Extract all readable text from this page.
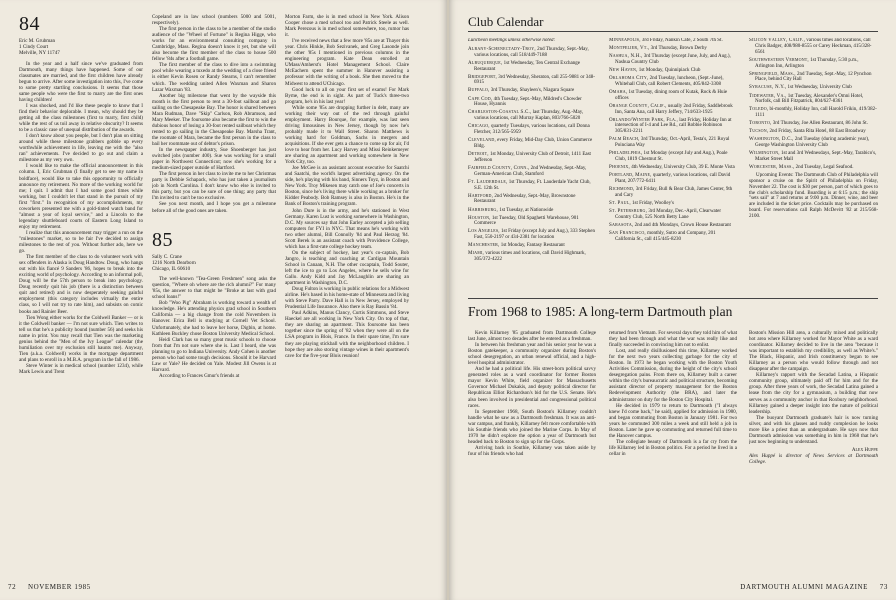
84

Eric M. Grubman
1 Cindy Court
Melville, NY 11747

In the year and a half since we've graduated from Dartmouth, many things have happened. Some of our classmates are married, and the first children have already begun to arrive. After some investigation into this, I've come to some pretty startling conclusions. It seems that those same people who were the first to marry are the first ones having children!

I was shocked, and I'd like these people to know that I find their behavior deplorable. I mean, why should they be getting all the class milestones (first to marry, first child) while the rest of us toil away in relative obscurity? It seems to be a classic case of unequal distribution of the awards.

I don't know about you people, but I don't plan on sitting around while these milestone grabbers gobble up every worthwhile achievement in life, leaving me with the "also ran" achievements. I've decided to go out and claim a milestone as my very own.

I would like to make the official announcement in this column. I, Eric Grubman (I finally get to see my name in boldface), would like to take this opportunity to officially announce my retirement. No more of the working world for me; I quit. I admit that I had some good times while working, but I couldn't let that stand in the pursuit of my first "first." In recognition of my accomplishments, my coworkers presented me with a gold-tinted watch band for "almost a year of loyal service," and a Lincoln to the legendary shuttleboard courts of Eastern Long Island to enjoy my retirement.

I realize that this announcement may trigger a run on the "milestones" market, so to be fair I've decided to assign milestones to the rest of you. Without further ado, here we go.

The first member of the class to do volunteer work with sex offenders in Alaska is Doug Handtow. Doug, who hangs out with his fiancé 9 Sanders '86, hopes to break into the exciting world of psychology. According to an informal poll, Doug will be the 57th person to break into psychology. Doug recently quit his job (there is a distinction between quit and retired) and is now desperately seeking gainful employment (this category includes virtually the entire class, so I will not try to rate him), and subsists on comic books and Rainier Beer.

Tien Wong either works for the Coldwell Banker — or is it the Coldwell banker — I'm not sure which. Tien writes to tell us that he's a publicity hound (number 56) and seeks his name in print. You may recall that Tien was the marketing genius behind the "Men of the Ivy League" calendar (the humiliation over my exclusion still haunts me). Anyway, Tien (a.k.a. Coldwell) works in the mortgage department and plans to enroll in a M.B.A. program in the fall of 1986.

Steve Winter is in medical school (number 1234), while Mark Lewis and Trent

Copeland are in law school (numbers 5000 and 5001, respectively).

The first person in the class to be a member of the studio audience of the "Wheel of Fortune" is Regina Higge, who works for an environmental consulting company in Cambridge, Mass. Regina doesn't know it yet, but she will also become the first member of the class to house 500 fellow '84s after a football game.

The first member of the class to dive into a swimming pool while wearing a tuxedo at the wedding of a close friend is either Kevin Rosen or Randy Stearns, I can't remember which. The wedding united Allen Waxman and Sharon Lazar Waxman '83.

Another big milestone that went by the wayside this month is the first person to rent a 30-foot sailboat and go sailing on the Chesapeake Bay. The honor is shared between Mara Rudman, Dave "Skip" Carlson, Rob Abramson, and Mary Meeker. The foursome also became the first to win the dubious honor of losing a 30-foot rented sailboat which they rented to go sailing in the Chesapeake Bay. Marsha Trant, the roomate of Mara, became the first person in the class to bail her roommate out of debtor's prison.

In the newspaper industry, Sue Shoenberger has just switched jobs (number 400). Sue was working for a small paper in Northwest Connecticut; now she's working for a medium-sized paper outside of Hartford.

The first person in her class to invite me to her Christmas party is Debbie Schapack, who has just taken a journalism job in North Carolina. I don't know who else is invited to this party, but you can be sure of one thing; any party that I'm invited to can't be too exclusive.

See you next month, and I hope you get a milestone before all of the good ones are taken.

85

Sally C. Crane
1216 North Dearborn
Chicago, IL 60610

The well-known "Tea-Green Freshmen" song asks the question, "Where oh where are the rich alumni?" For many '85s, the answer to that might be "Broke at last with grad school loans!"

Bob "Woo Pig" Abraham is working toward a wealth of knowledge. He's attending physics grad school in Southern California — a big change from the cold Novembers in Hanover. Erica Bell is studying at Cornell Vet School. Unfortunately, she had to leave her horse, Digbin, at home. Kathleen Buckley chose Boston University Medical School.

Heidi Clark has so many great music schools to choose from that I'm not sure where she is. Last I heard, she was planning to go to Indiana University. Andy Cohen is another person who had some tough decisions. Should it be Harvard Law or Yale? He decided on Yale. Modest Jill Owens is at Harvard.

According to Frances Gmur's friends at

Morton Farm, she is in med school in New York. Alison Cooper chose a med school too and Patrick Steele as well. Mark Perezous is in med school somewhere, too, rumor has it.

I've received news that a few more '85s are at Thayer this year. Chris Hinkle, Bob Sezivanek, and Greg Lasonde join the other '85s I mentioned in previous columns in the engineering program. Kate Dean enrolled at UMass/Amherst's Hotel Management School. Claire McEachern spent the summer in Hanover assisting a professor with the writing of a book. She then moved to the Midwest to attend UChicago.

Good luck to all on your first set of exams! For Mark Byme, the end is in sight. As part of Tuck's three-two program, he's in his last year!

While some '85s are dropping further in debt, many are working their way out of the red through gainful employment. Harry Bourque, for example, was last seen driving limousines in New Jersey, though by now he's probably made it to Wall Street. Sharon Matthews is working hard for Goldman, Sachs in mergers and acquisitions. If she ever gets a chance to come up for air, I'd love to hear from her. Lucy Harvey and Missi Reinkemeyer are sharing an apartment and working somewhere in New York City, too.

Joe McGee is an assistant account executive for Saatchi and Saatchi, the world's largest advertising agency. On the side, he's playing with his band, Sinners Toyz, in Boston and New York. Troy Mikesen may catch one of Joe's concerts in Boston, since he's living there while working as a broker for Kidder Peabody. Bob Ramsey is also in Boston. He's in the Bank of Boston's training program.

John Dure is in the army, and he's stationed in West Germany. Karen Lust is working somewhere in Washington, D.C. My sources say that John Earley accepted a job selling computers for FYI in NYC. That means he's working with two other alumni, Bill Connolly '84 and Paul Herzog '84. Scott Berek is an assistant coach with Providence College, which has a first-rate college hockey team.

On the subject of hockey, last year's co-captain, Bob Jangro, is teaching and coaching at Cardigan Mountain School in Canaan, N.H. The other cocaptain, Todd Souter, left the ice to go to Los Angeles, where he sells wine for Gallo. Andy Kidd and Jay McLaughlin are sharing an apartment in Washington, D.C.

Doug Fulton is working in public relations for a Midwest airline. He's based in his home-state of Minnesota and living with Steve Parry. Dave Hall is in New Jersey, employed by Prudential Life Insurance. Also there is Ray Bassin '84.

Paul Adkins, Manus Clancy, Curtis Simmons, and Steve Haeckel are all working in New York City. On top of that, they are sharing an apartment. This foursome has been together since the spring of '82 when they were all on the LSA program in Blois, France. In their spare time, I'm sure they are playing stickball with the neighborhood children. I hope they are also storing vintage wines in their apartment's cave for the five-year Blois reunion!

72 NOVEMBER 1985
Club Calendar
Luncheon meetings unless otherwise noted:
Albany-Schenectady-Troy, 2nd Thursday, Sept.-May, various locations, call 518/449-7188
Albuquerque, 1st Wednesday, Ten Central Exchange Restaurant
Bridgeport, 3rd Wednesday, Sheraton, call 255-9881 or 348-6915
Buffalo, 3rd Thursday, Shayleen's, Niagara Square
Cape Cod, 4th Tuesday, Sept.-May, Mildred's Chowder House, Hyannis
Charleston-Coastal S.C., last Thursday, Aug.-May, various locations, call Murray Kaplan, 803/766-5020
Chicago, quarterly Tuesdays, various locations, call Donna Fletcher, 312/565-5959
Cleveland, every Friday, Mid-Day Club, Union Commerce Bldg.
Detroit, 1st Monday, University Club of Detroit, 1411 East Jefferson
Fairfield County, Conn., 2nd Wednesday, Sept.-May, German-American Club, Stamford
Ft. Lauderdale, 1st Thursday, Ft. Lauderdale Yacht Club, S.E. 12th St.
Hartford, 2nd Wednesday, Sept.-May, Brownstone Restaurant
Harrisburg, 1st Tuesday, at Nationwide
Houston, 1st Tuesday, Old Spaghetti Warehouse, 901 Commerce
Los Angeles, 1st Friday (except July and Aug.), 333 Stephen Fast, 550-2197 or 434-2381 for location
Manchester, 1st Monday, Fantasy Restaurant
Miami, various times and locations, call David Highmark, 305/372-4222
Minneapolis, 3rd Friday, Nankin Cafe, 2 South 7th St.
Montpelier, Vt., 3rd Thursday, Brown Derby
Nashua, N.H., 3rd Thursday (except June, July, and Aug.), Nashua Country Club
New Haven, 1st Monday, Quinnipiack Club
Oklahoma City, 2nd Tuesday, luncheon, (Sept.-June), Whitehall Club, call Robert Clements, 405/842-3308
Omaha, 1st Tuesday, dining room of Kutak, Rock & Huie offices
Orange County, Calif., usually 2nd Friday, Saddlebrook Inn, Santa Ana, call Harry Jeffery, 714/633-1925
Orlando/Winter Park, Fla., last Friday, Holiday Inn at intersection of I-4 and Lee Rd., call Robbie Robinson 305/831-2211
Palm Beach, 3rd Thursday, Oct.-April, Testa's, 221 Royal Poinciana Way
Philadelphia, 1st Monday (except July and Aug.), Poale Club, 1819 Chestnut St.
Phoenix, 4th Wednesday, University Club, 39 E. Monte Vista
Portland, Maine, quarterly, various locations, call David Plant, 207/772-6411
Richmond, 3rd Friday, Bull & Bear Club, James Center, 9th and Cary
St. Paul, 1st Friday, Woolley's
St. Petersburg, 3rd Monday, Dec.-April, Clearwater Country Club, 525 North Betty Lane
Sarasota, 2nd and 4th Mondays, Crown House Restaurant
San Francisco, monthly, Sutro and Company, 201 California St., call 415/445-8230
Silicon Valley, Calif., various times and locations, call Chris Badger, 408/980-8555 or Carey Heckman, 415/328-6561
Southwestern Vermont, 1st Thursday, 5:30 p.m., Arlington Inn, Arlington
Springfield, Mass., 2nd Tuesday, Sept.-May, 12 Pynchon Place, behind City Hall
Syracuse, N.Y., 1st Wednesday, University Club
Tidewater, Va., 1st Tuesday, Alexander's Omni Hotel, Norfolk, call Bill Fitzpatrick, 804/627-8361
Toledo, bi-monthly, Holiday Inn, call Harold Frikin, 419/382-1111
Toronto, 3rd Thursday, Joe Allen Restaurant, 86 John St.
Tucson, 2nd Friday, Santa Rita Hotel, 88 East Broadway
Washington, D.C., 2nd Tuesday (during academic year), George Washington University Club
Wilmington, 1st and 3rd Wednesdays, Sept.-May, Tarabico's, Market Street Mall
Worcester, Mass., 2nd Tuesday, Legal Seafood.

Upcoming Events: The Dartmouth Club of Philadelphia will sponsor a cruise on the Spirit of Philadelphia on Friday, November 22. The cost is $30 per person, part of which goes to the club's scholarship fund. Boarding is at 6:15 p.m.; the ship "sets sail" at 7 and returns at 9:00 p.m. Dinner, wine, and beer are included in the ticket price. Cocktails may be purchased on board. For reservations call Ralph McDevitt '82 at 215/568-2100.

From 1968 to 1985: A long-term Dartmouth plan

Kevin Killarney '85 graduated from Dartmouth College last June, almost two decades after he entered as a freshman.

In between his freshman year and his senior year he was a Boston gatekeeper, a community organizer during Boston's school desegregation, an urban renewal official, and a high-level hospital administrator.

And he had a political life. His street-born political savvy generated roles as a ward coordinator for former Boston mayor Kevin White, field organizer for Massachusetts Governor Michael Dukakis, and deputy political director for Republican Elliot Richardson's bid for the U.S. Senate. He's also been involved in presidential and congressional political races.

In September 1968, South Boston's Killarney couldn't handle what he saw as a Dartmouth freshman. It was an anti-war campus, and frankly, Killarney felt more comfortable with his Southie friends who joined the Marine Corps. In May of 1970 he didn't explore the option a year of Dartmouth but headed back to Boston to sign up for the Corps.

Arriving back in Southie, Killarney was taken aside by four of his friends who had

returned from Vietnam. For several days they told him of what they had been through and what the war was really like and finally succeeded in convincing him not to enlist.

Lost, and really disillusioned this time, Killarney worked for the next two years collecting garbage for the city of Boston. In 1973 he began working with the Boston Youth Activities Commission, during the height of the city's school desegregation pains. From there on, Killarney built a career within the city's bureaucratic and political structure, becoming assistant director of property management for the Boston Redevelopment Authority (the BRA), and later the administrator on duty for the Boston City Hospital.

He decided in 1979 to return to Dartmouth ("I always knew I'd come back," he said), applied for admission in 1980, and began commuting from Boston in January 1981. For two years he commuted 300 miles a week and still held a job in Boston. Later he gave up commuting and returned full time to the Hanover campus.

The collegiate beauty of Dartmouth is a far cry from the life Killarney led in Boston politics. For a period he lived in a cellar in

Boston's Mission Hill area, a culturally mixed and politically hot area where Killarney worked for Mayor White as a ward coordinator. Killarney decided to live in the area "because it was important to establish my credibility, as well as White's." The Black, Hispanic, and Irish constituency began to see Killarney as a person who would follow through and not disappear after the campaign.

Killarney's rapport with the Secadad Latina, a Hispanic community group, ultimately paid off for him and for the group. After three years of work, the Secadad Latina gained a lease from the city for a gymnasium, a building that now serves as a community anchor in that Roxbury neighborhood. Killarney gained a deeper insight into the nature of political leadership.

The buoyant Dartmouth graduate's hair is now turning silver, and with his glasses and ruddy complexion he looks more like a priest than an undergraduate. He says now that Dartmouth admission was something in him in 1968 that he's just now beginning to understand.

Alex Huppe

Alex Huppé is director of News Services at Dartmouth College.

DARTMOUTH ALUMNI MAGAZINE 73
